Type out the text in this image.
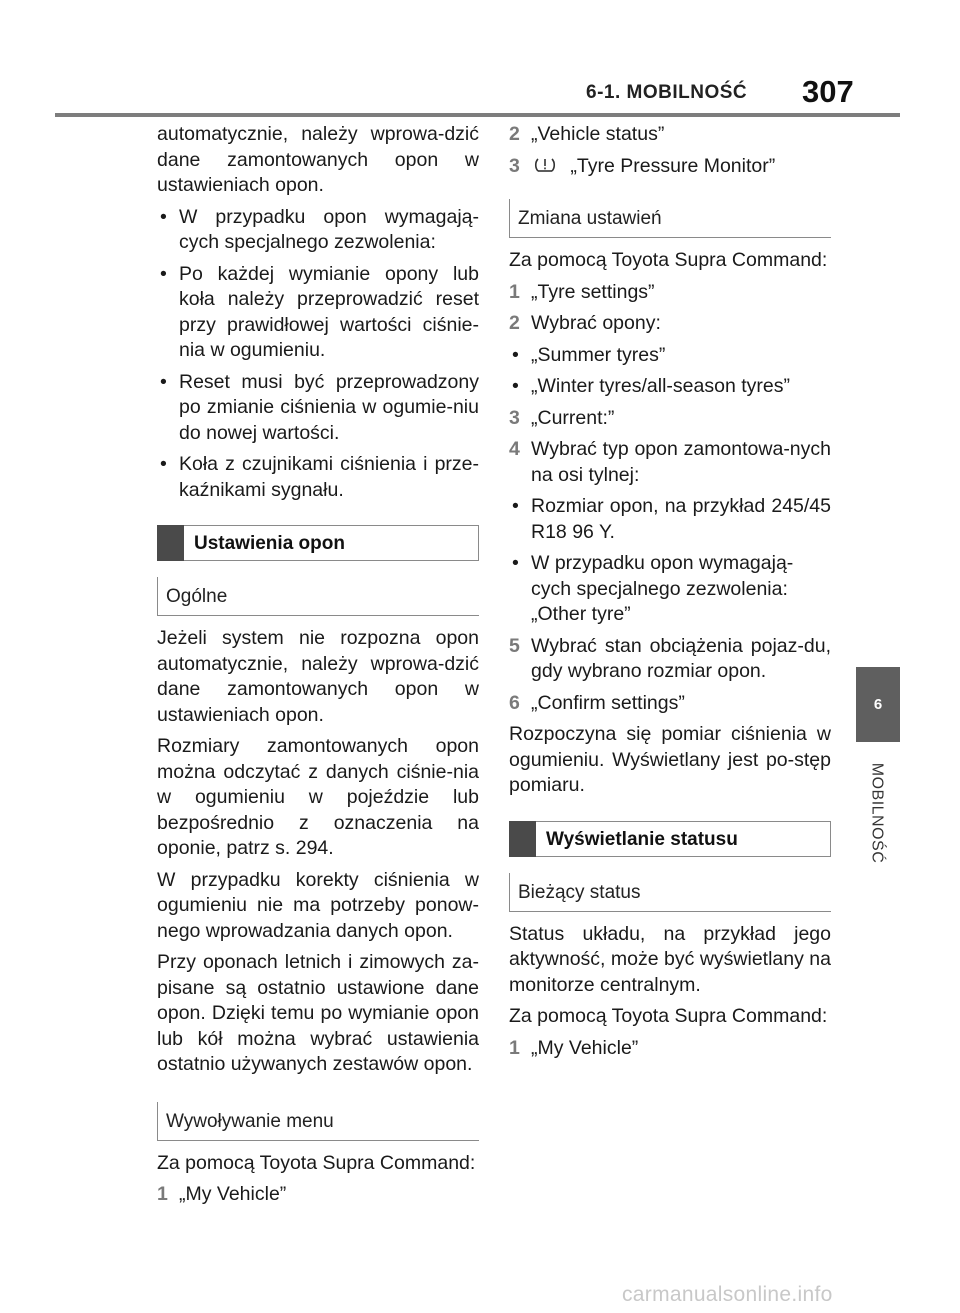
6-1. MOBILNOŚĆ 307
6
MOBILNOŚĆ

automatycznie, należy wprowa-dzić dane zamontowanych opon w ustawieniach opon.

• W przypadku opon wymagają-cych specjalnego zezwolenia:
• Po każdej wymianie opony lub koła należy przeprowadzić reset przy prawidłowej wartości ciśnie-nia w ogumieniu.
• Reset musi być przeprowadzony po zmianie ciśnienia w ogumie-niu do nowej wartości.
• Koła z czujnikami ciśnienia i prze-kaźnikami sygnału.
Ustawienia opon
Ogólne

Jeżeli system nie rozpozna opon automatycznie, należy wprowa-dzić dane zamontowanych opon w ustawieniach opon.

Rozmiary zamontowanych opon można odczytać z danych ciśnie-nia w ogumieniu w pojeździe lub bezpośrednio z oznaczenia na oponie, patrz s. 294.

W przypadku korekty ciśnienia w ogumieniu nie ma potrzeby ponow-nego wprowadzania danych opon.

Przy oponach letnich i zimowych za-pisane są ostatnio ustawione dane opon. Dzięki temu po wymianie opon lub kół można wybrać ustawienia ostatnio używanych zestawów opon.

Wywoływanie menu

Za pomocą Toyota Supra Command:

1 „My Vehicle”
2 „Vehicle status”
3	„Tyre Pressure Monitor”
Zmiana ustawień

Za pomocą Toyota Supra Command:

1 „Tyre settings”
2 Wybrać opony:
• „Summer tyres”
• „Winter tyres/all-season tyres”
3 „Current:”
4 Wybrać typ opon zamontowa-nych na osi tylnej:
• Rozmiar opon, na przykład 245/45 R18 96 Y.
• W przypadku opon wymagają-cych specjalnego zezwolenia: „Other tyre”
5 Wybrać stan obciążenia pojaz-du, gdy wybrano rozmiar opon.
6 „Confirm settings”

Rozpoczyna się pomiar ciśnienia w ogumieniu. Wyświetlany jest po-stęp pomiaru.

Wyświetlanie statusu
Bieżący status

Status układu, na przykład jego aktywność, może być wyświetlany na monitorze centralnym.

Za pomocą Toyota Supra Command:

1 „My Vehicle”
carmanualsonline.info
